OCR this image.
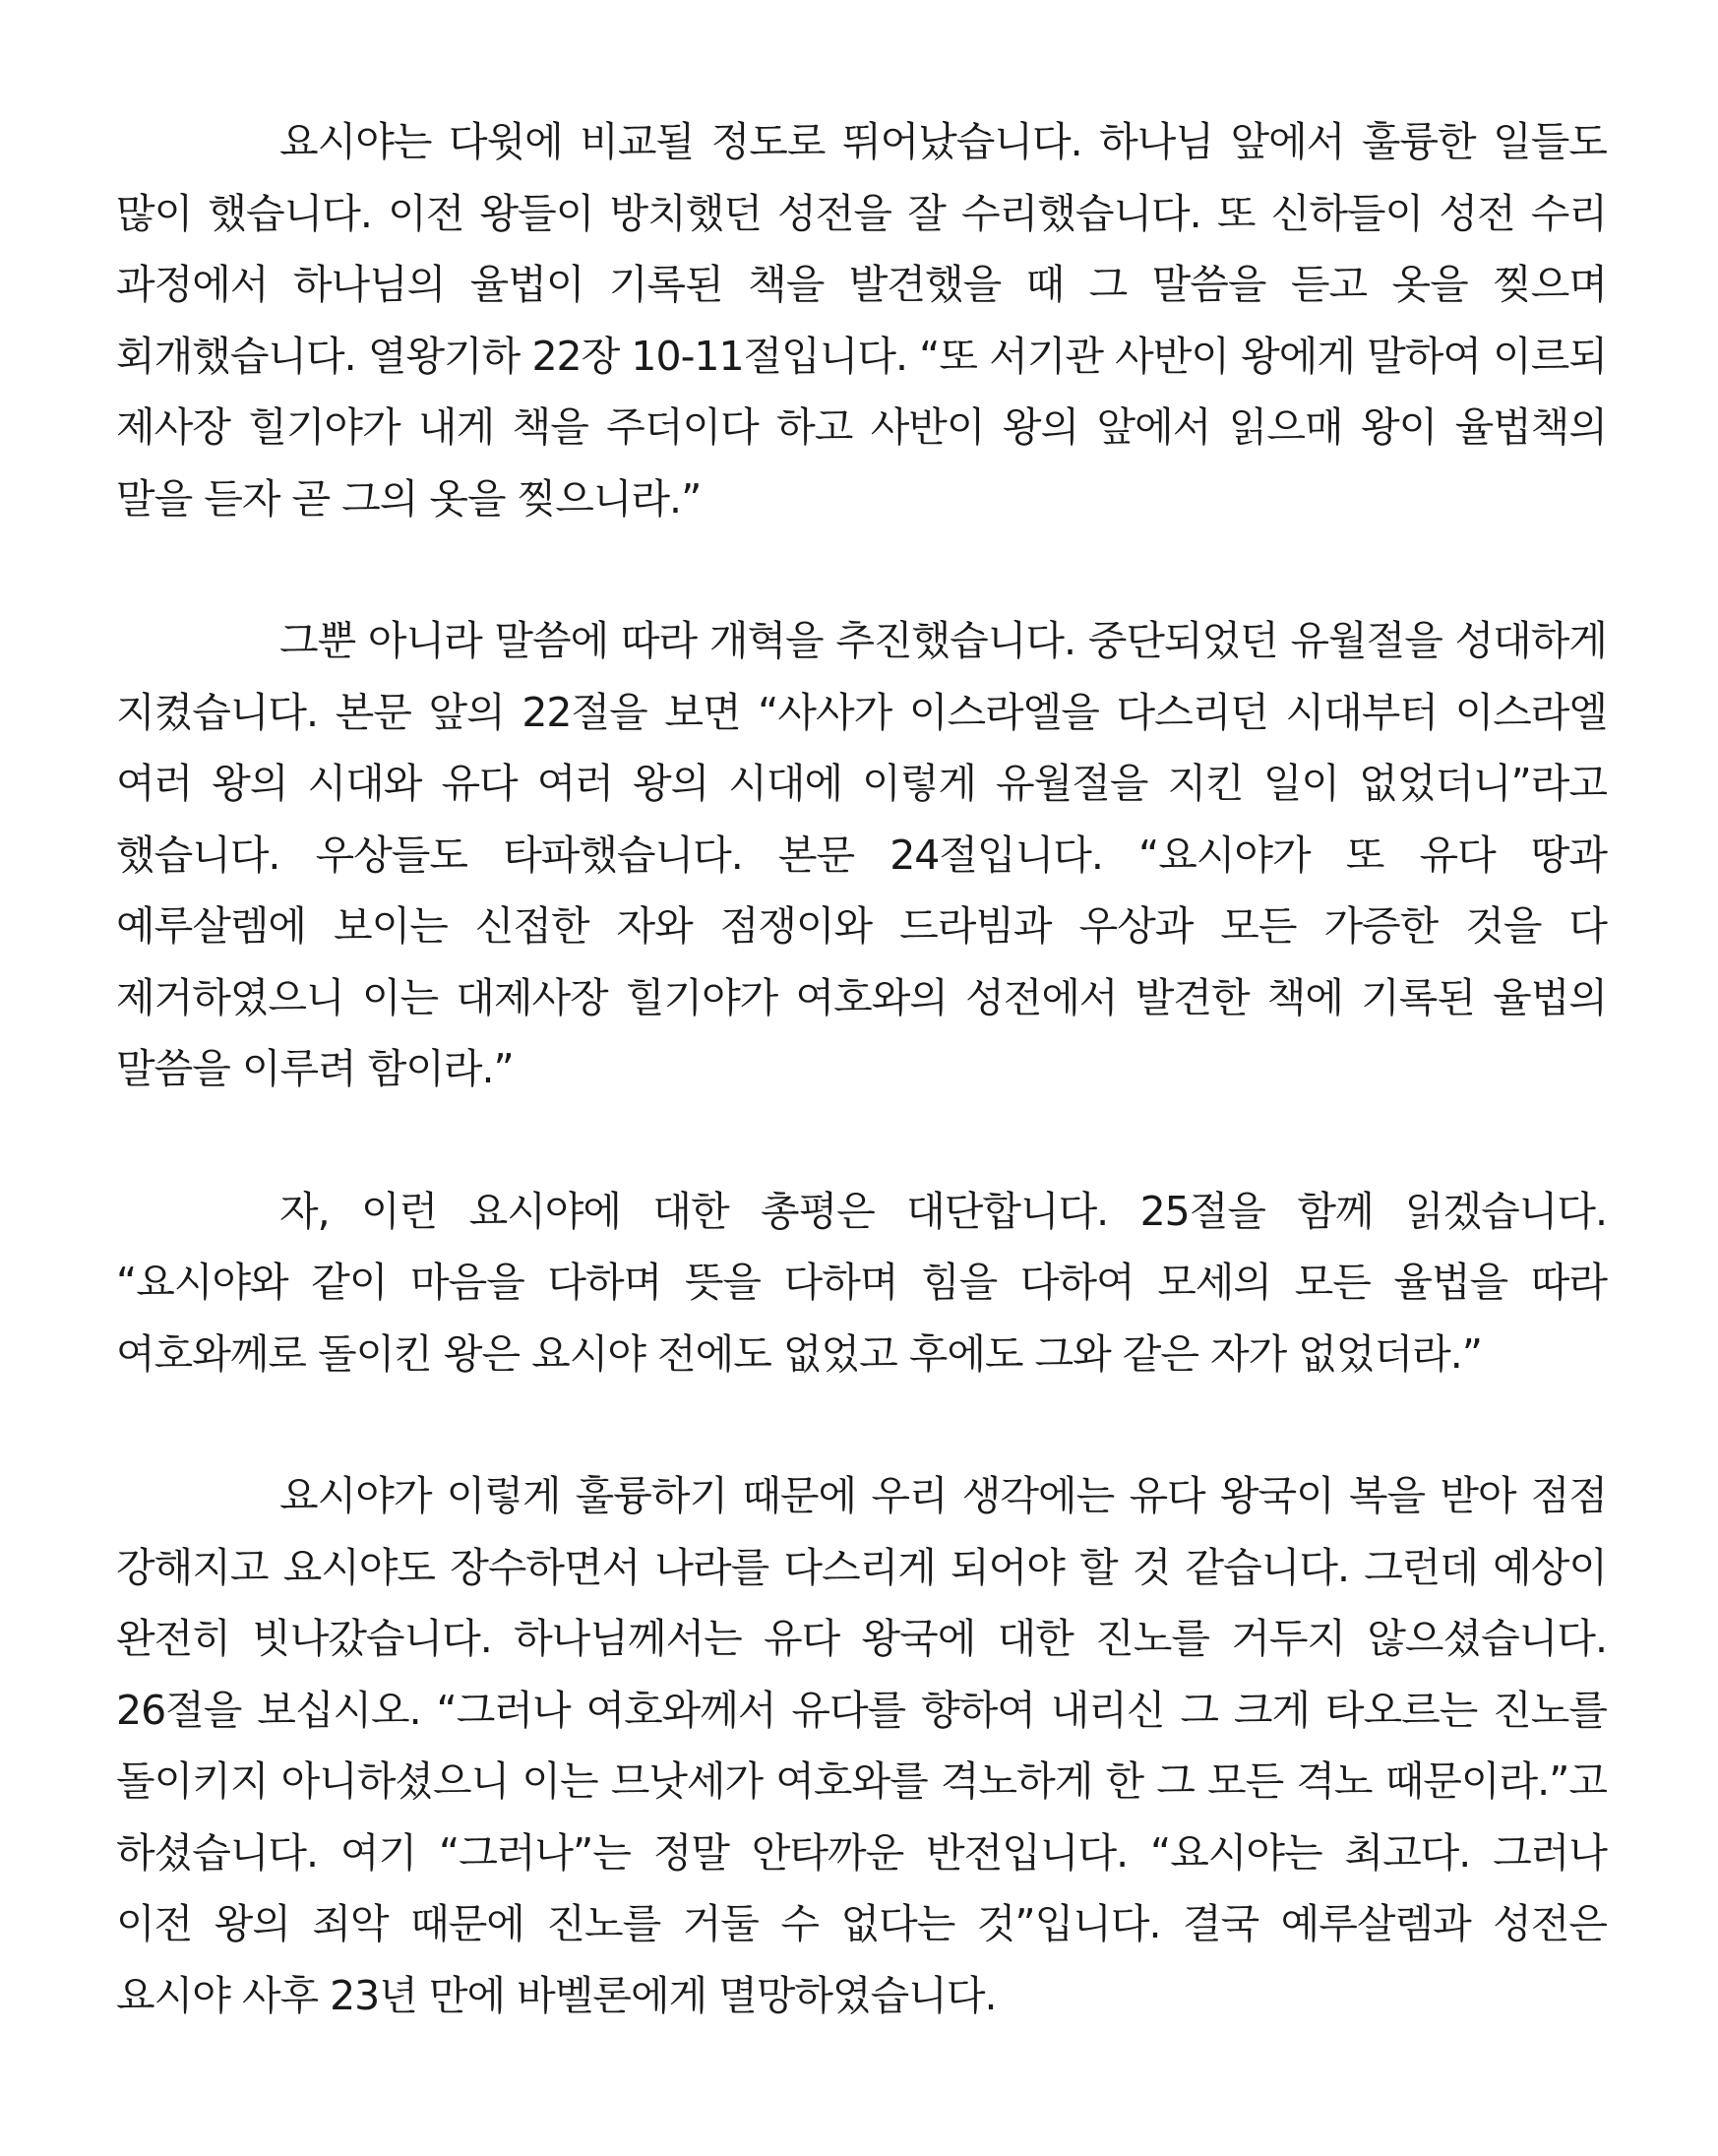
요시야는 다윗에 비교될 정도로 뛰어났습니다. 하나님 앞에서 훌륭한 일들도 많이 했습니다. 이전 왕들이 방치했던 성전을 잘 수리했습니다. 또 신하들이 성전 수리 과정에서 하나님의 율법이 기록된 책을 발견했을 때 그 말씀을 듣고 옷을 찢으며 회개했습니다. 열왕기하 22장 10-11절입니다. “또 서기관 사반이 왕에게 말하여 이르되 제사장 힐기야가 내게 책을 주더이다 하고 사반이 왕의 앞에서 읽으매 왕이 율법책의 말을 듣자 곧 그의 옷을 찢으니라.”

그뿐 아니라 말씀에 따라 개혁을 추진했습니다. 중단되었던 유월절을 성대하게 지켰습니다. 본문 앞의 22절을 보면 “사사가 이스라엘을 다스리던 시대부터 이스라엘 여러 왕의 시대와 유다 여러 왕의 시대에 이렇게 유월절을 지킨 일이 없었더니”라고 했습니다. 우상들도 타파했습니다. 본문 24절입니다. “요시야가 또 유다 땅과 예루살렘에 보이는 신접한 자와 점쟁이와 드라빔과 우상과 모든 가증한 것을 다 제거하였으니 이는 대제사장 힐기야가 여호와의 성전에서 발견한 책에 기록된 율법의 말씀을 이루려 함이라.”

자, 이런 요시야에 대한 총평은 대단합니다. 25절을 함께 읽겠습니다. “요시야와 같이 마음을 다하며 뜻을 다하며 힘을 다하여 모세의 모든 율법을 따라 여호와께로 돌이킨 왕은 요시야 전에도 없었고 후에도 그와 같은 자가 없었더라.”

요시야가 이렇게 훌륭하기 때문에 우리 생각에는 유다 왕국이 복을 받아 점점 강해지고 요시야도 장수하면서 나라를 다스리게 되어야 할 것 같습니다. 그런데 예상이 완전히 빗나갔습니다. 하나님께서는 유다 왕국에 대한 진노를 거두지 않으셨습니다. 26절을 보십시오. “그러나 여호와께서 유다를 향하여 내리신 그 크게 타오르는 진노를 돌이키지 아니하셨으니 이는 므낫세가 여호와를 격노하게 한 그 모든 격노 때문이라.”고 하셨습니다. 여기 “그러나”는 정말 안타까운 반전입니다. “요시야는 최고다. 그러나 이전 왕의 죄악 때문에 진노를 거둘 수 없다는 것”입니다. 결국 예루살렘과 성전은 요시야 사후 23년 만에 바벨론에게 멸망하였습니다.
